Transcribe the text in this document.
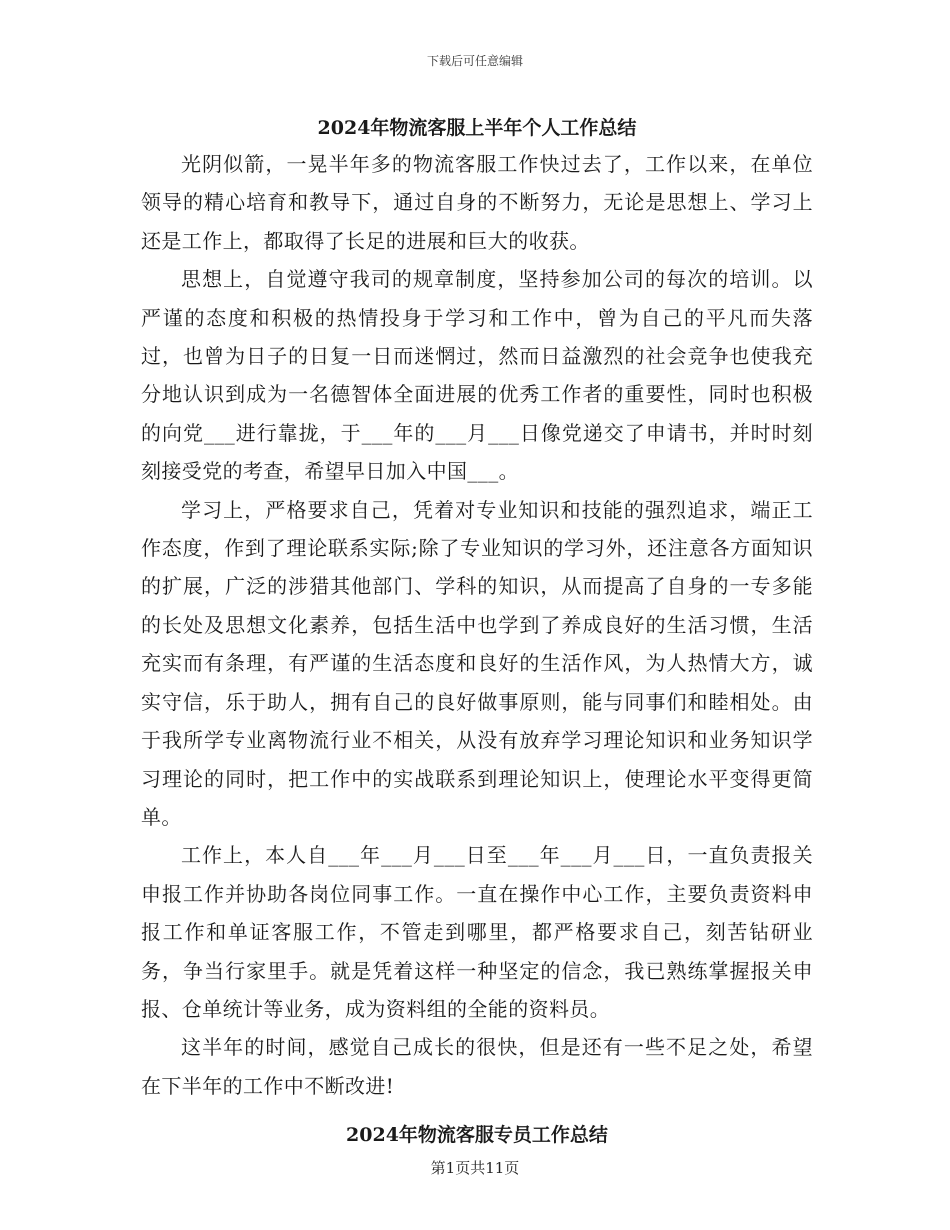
下载后可任意编辑
2024年物流客服上半年个人工作总结

光阴似箭，一晃半年多的物流客服工作快过去了，工作以来，在单位领导的精心培育和教导下，通过自身的不断努力，无论是思想上、学习上还是工作上，都取得了长足的进展和巨大的收获。

思想上，自觉遵守我司的规章制度，坚持参加公司的每次的培训。以严谨的态度和积极的热情投身于学习和工作中，曾为自己的平凡而失落过，也曾为日子的日复一日而迷惘过，然而日益激烈的社会竞争也使我充分地认识到成为一名德智体全面进展的优秀工作者的重要性，同时也积极的向党___进行靠拢，于___年的___月___日像党递交了申请书，并时时刻刻接受党的考查，希望早日加入中国___。

学习上，严格要求自己，凭着对专业知识和技能的强烈追求，端正工作态度，作到了理论联系实际;除了专业知识的学习外，还注意各方面知识的扩展，广泛的涉猎其他部门、学科的知识，从而提高了自身的一专多能的长处及思想文化素养，包括生活中也学到了养成良好的生活习惯，生活充实而有条理，有严谨的生活态度和良好的生活作风，为人热情大方，诚实守信，乐于助人，拥有自己的良好做事原则，能与同事们和睦相处。由于我所学专业离物流行业不相关，从没有放弃学习理论知识和业务知识学习理论的同时，把工作中的实战联系到理论知识上，使理论水平变得更简单。

工作上，本人自___年___月___日至___年___月___日，一直负责报关申报工作并协助各岗位同事工作。一直在操作中心工作，主要负责资料申报工作和单证客服工作，不管走到哪里，都严格要求自己，刻苦钻研业务，争当行家里手。就是凭着这样一种坚定的信念，我已熟练掌握报关申报、仓单统计等业务，成为资料组的全能的资料员。

这半年的时间，感觉自己成长的很快，但是还有一些不足之处，希望在下半年的工作中不断改进!

2024年物流客服专员工作总结
第1页共11页
